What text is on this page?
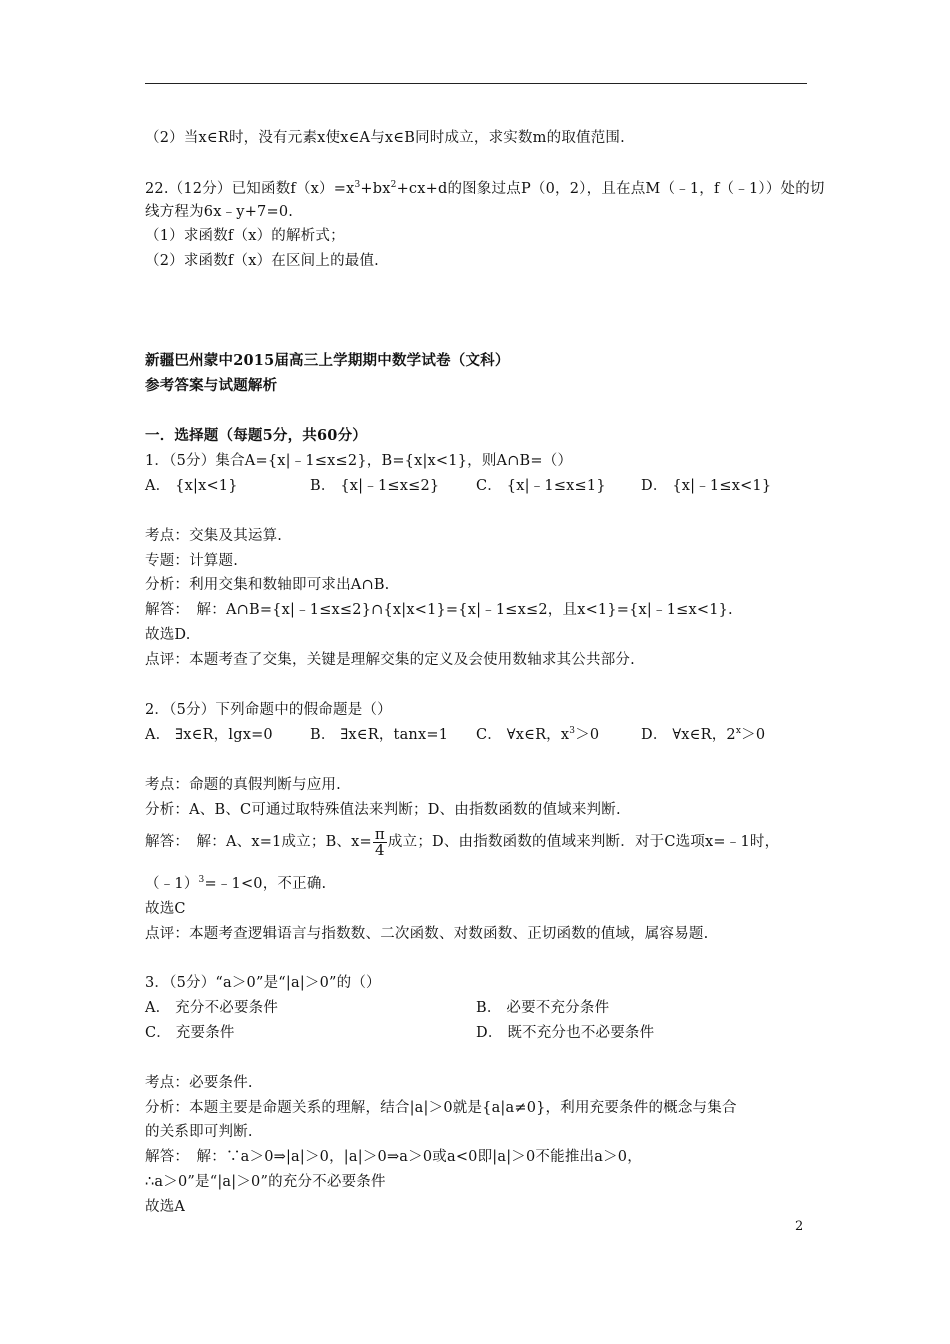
（2）当x∈R时，没有元素x使x∈A与x∈B同时成立，求实数m的取值范围.
22.（12分）已知函数$f(x)=x^3+bx^2+cx+d$的图象过点P（0，2），且在点M（﹣1，f（﹣1））处的切
线方程为6x﹣y+7=0.
（1）求函数f（x）的解析式；
（2）求函数f（x）在区间上的最值.
新疆巴州蒙中2015届高三上学期期中数学试卷（文科）
参考答案与试题解析
一．选择题（每题5分，共60分）
1．（5分）集合A={x|﹣1≤x≤2}，B={x|x<1}，则A∩B=（）
A． {x|x<1}	B． {x|﹣1≤x≤2}	C． {x|﹣1≤x≤1} D． {x|﹣1≤x<1}
考点：交集及其运算.
专题：计算题.
分析：利用交集和数轴即可求出A∩B.
解答：　解：A∩B={x|﹣1≤x≤2}∩{x|x<1}={x|﹣1≤x≤2，且x<1}={x|﹣1≤x<1}.
故选D.
点评：本题考查了交集，关键是理解交集的定义及会使用数轴求其公共部分.
2．（5分）下列命题中的假命题是（）
A． ∃x∈R，lgx=0	B． ∃x∈R，tanx=1 C． ∀x∈R，$x^3>0$	D． ∀x∈R，$2^x>0$
考点：命题的真假判断与应用.
分析：A、B、C可通过取特殊值法来判断；D、由指数函数的值域来判断.
解答：　解：A、x=1成立；B、$x= \frac{\pi}{4}$ 成立；D、由指数函数的值域来判断．对于C选项x=﹣1时，
（﹣1）$^3$=﹣1<0，不正确.
故选C
点评：本题考查逻辑语言与指数数、二次函数、对数函数、正切函数的值域，属容易题.
3．（5分）“a＞0”是“|a|＞0”的（）
A． 充分不必要条件	B． 必要不充分条件
C． 充要条件	D． 既不充分也不必要条件
考点：必要条件.
分析：本题主要是命题关系的理解，结合|a|＞0就是{a|a≠0}，利用充要条件的概念与集合
的关系即可判断.
解答：　解：∵a＞0⇒|a|＞0，|a|＞0⇒a＞0或a<0即|a|＞0不能推出a＞0，
∴a＞0”是“|a|＞0”的充分不必要条件
故选A
2
